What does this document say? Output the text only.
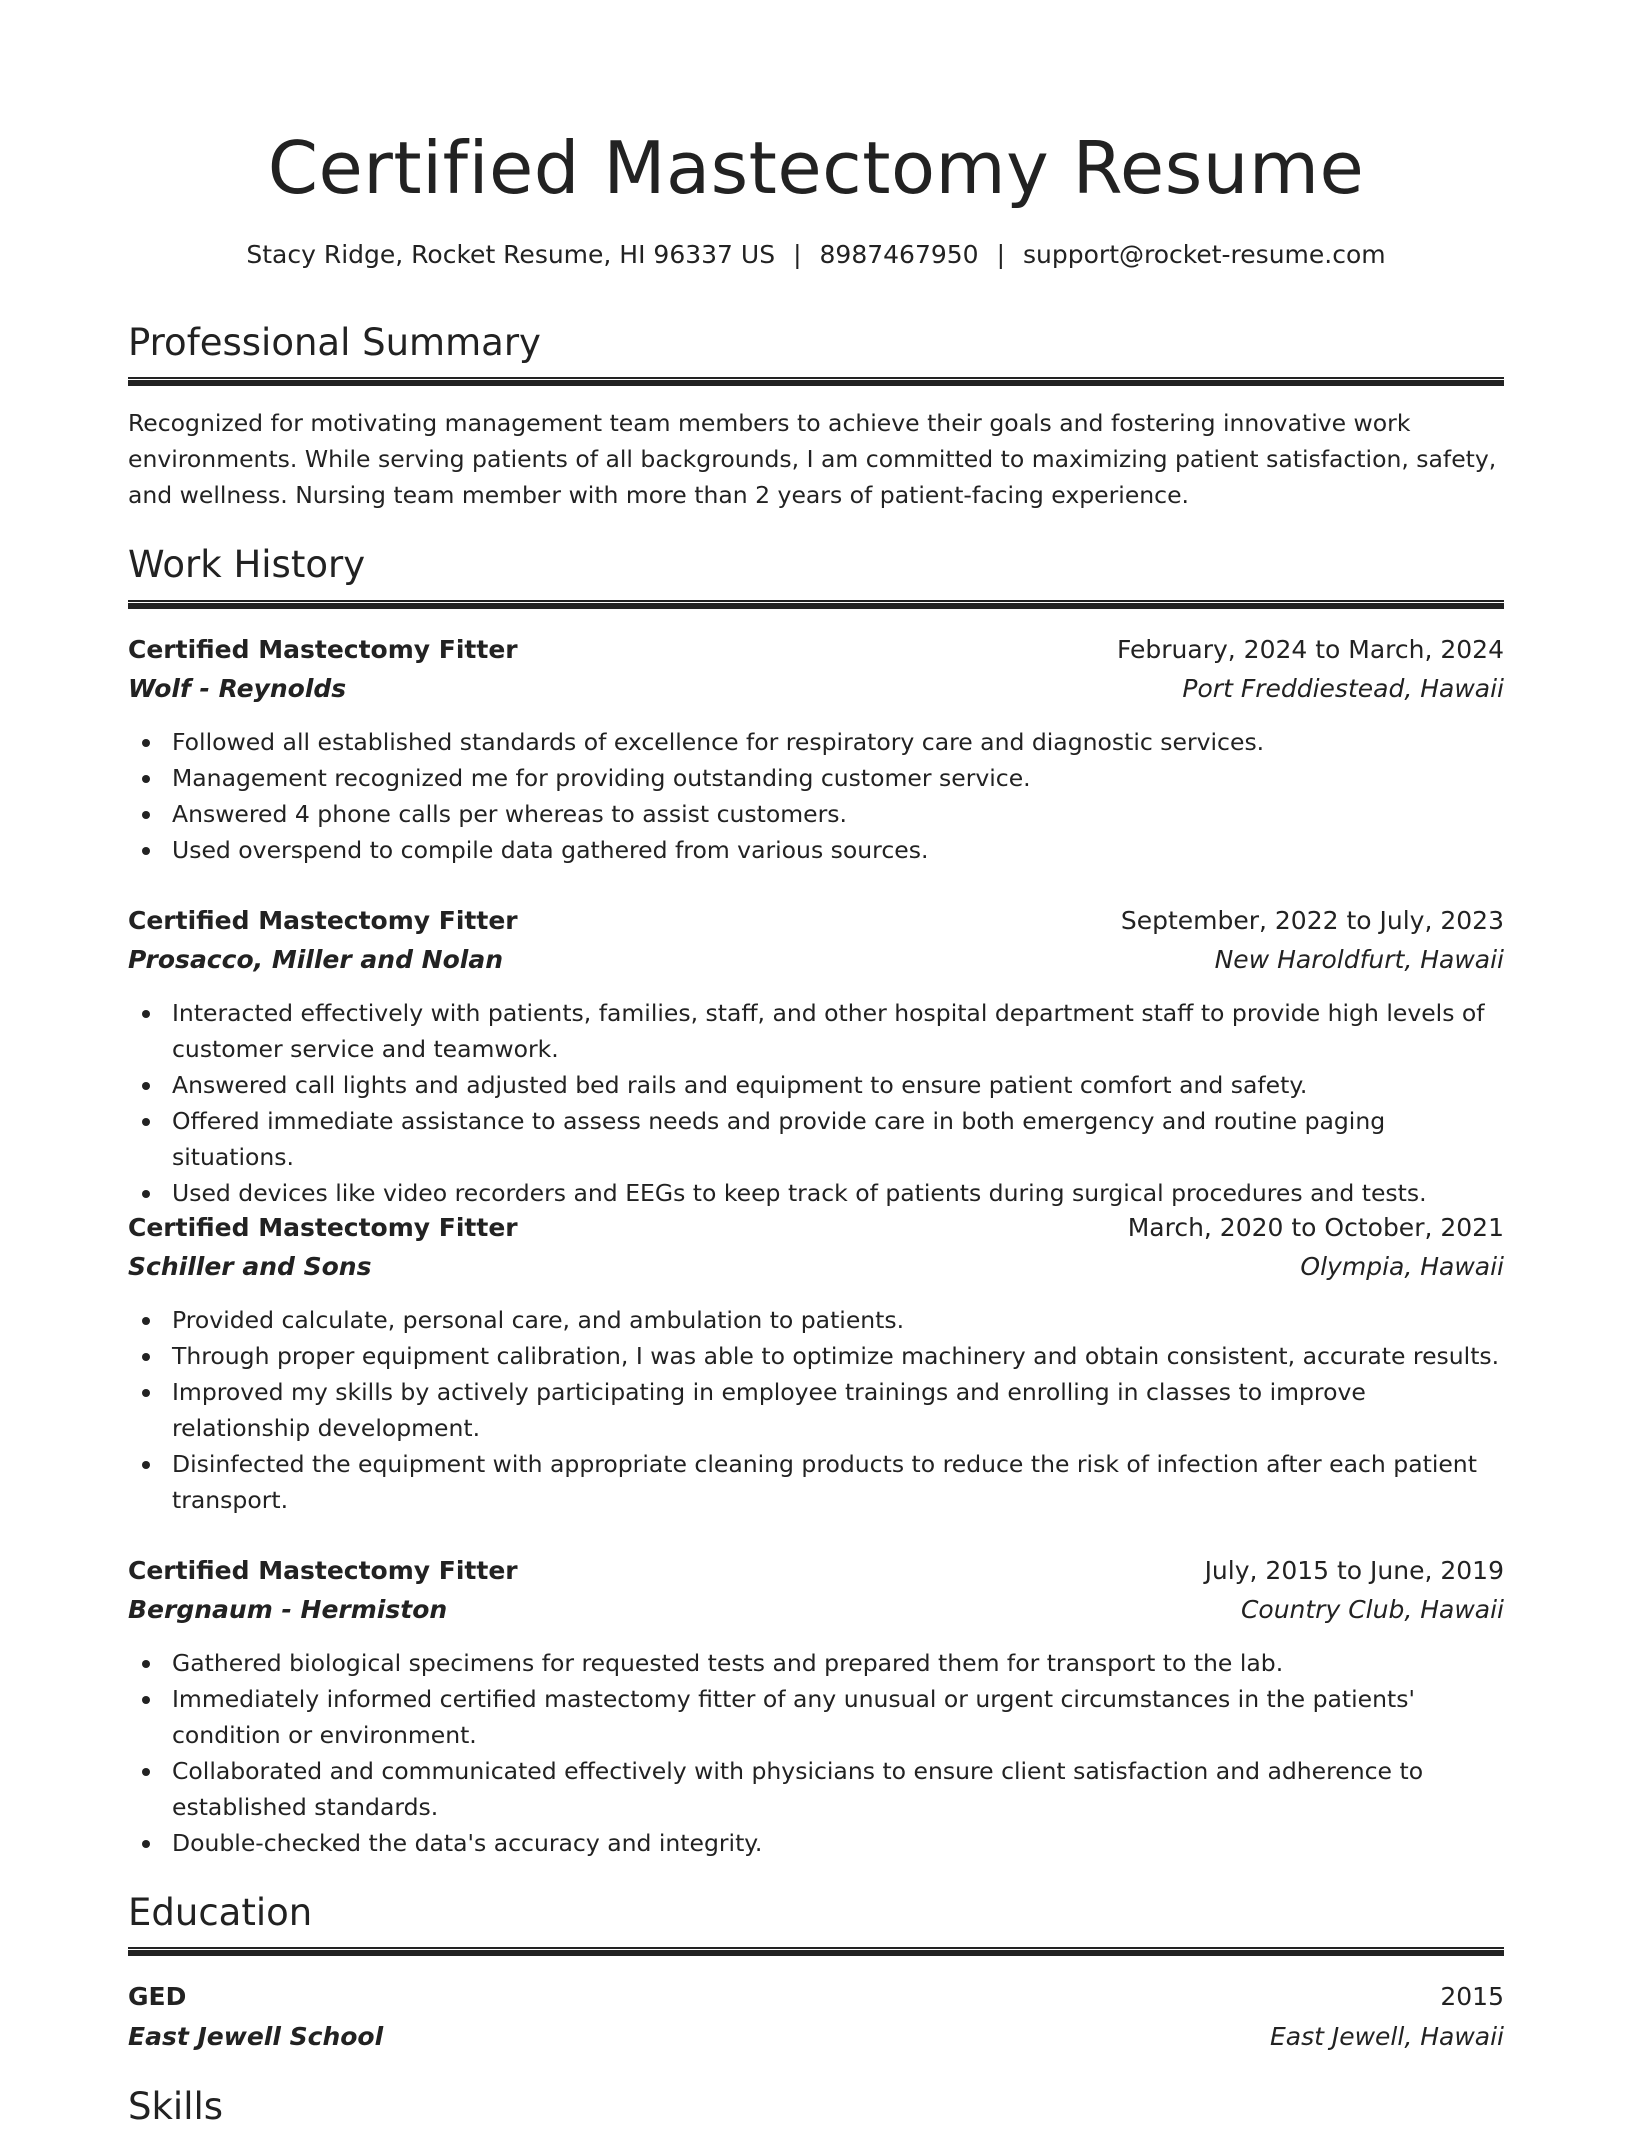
Certified Mastectomy Resume
Stacy Ridge, Rocket Resume, HI 96337 US | 8987467950 | support@rocket-resume.com
Professional Summary

Recognized for motivating management team members to achieve their goals and fostering innovative work environments. While serving patients of all backgrounds, I am committed to maximizing patient satisfaction, safety, and wellness. Nursing team member with more than 2 years of patient-facing experience.

Work History
Certified Mastectomy Fitter	February, 2024 to March, 2024
Wolf - Reynolds	Port Freddiestead, Hawaii
Followed all established standards of excellence for respiratory care and diagnostic services.
Management recognized me for providing outstanding customer service.
Answered 4 phone calls per whereas to assist customers.
Used overspend to compile data gathered from various sources.
Certified Mastectomy Fitter	September, 2022 to July, 2023
Prosacco, Miller and Nolan	New Haroldfurt, Hawaii
Interacted effectively with patients, families, staff, and other hospital department staff to provide high levels of customer service and teamwork.
Answered call lights and adjusted bed rails and equipment to ensure patient comfort and safety.
Offered immediate assistance to assess needs and provide care in both emergency and routine paging situations.
Used devices like video recorders and EEGs to keep track of patients during surgical procedures and tests.
Certified Mastectomy Fitter	March, 2020 to October, 2021
Schiller and Sons	Olympia, Hawaii
Provided calculate, personal care, and ambulation to patients.
Through proper equipment calibration, I was able to optimize machinery and obtain consistent, accurate results.
Improved my skills by actively participating in employee trainings and enrolling in classes to improve relationship development.
Disinfected the equipment with appropriate cleaning products to reduce the risk of infection after each patient transport.
Certified Mastectomy Fitter	July, 2015 to June, 2019
Bergnaum - Hermiston	Country Club, Hawaii
Gathered biological specimens for requested tests and prepared them for transport to the lab.
Immediately informed certified mastectomy fitter of any unusual or urgent circumstances in the patients' condition or environment.
Collaborated and communicated effectively with physicians to ensure client satisfaction and adherence to established standards.
Double-checked the data's accuracy and integrity.
Education
GED	2015
East Jewell School	East Jewell, Hawaii
Skills
